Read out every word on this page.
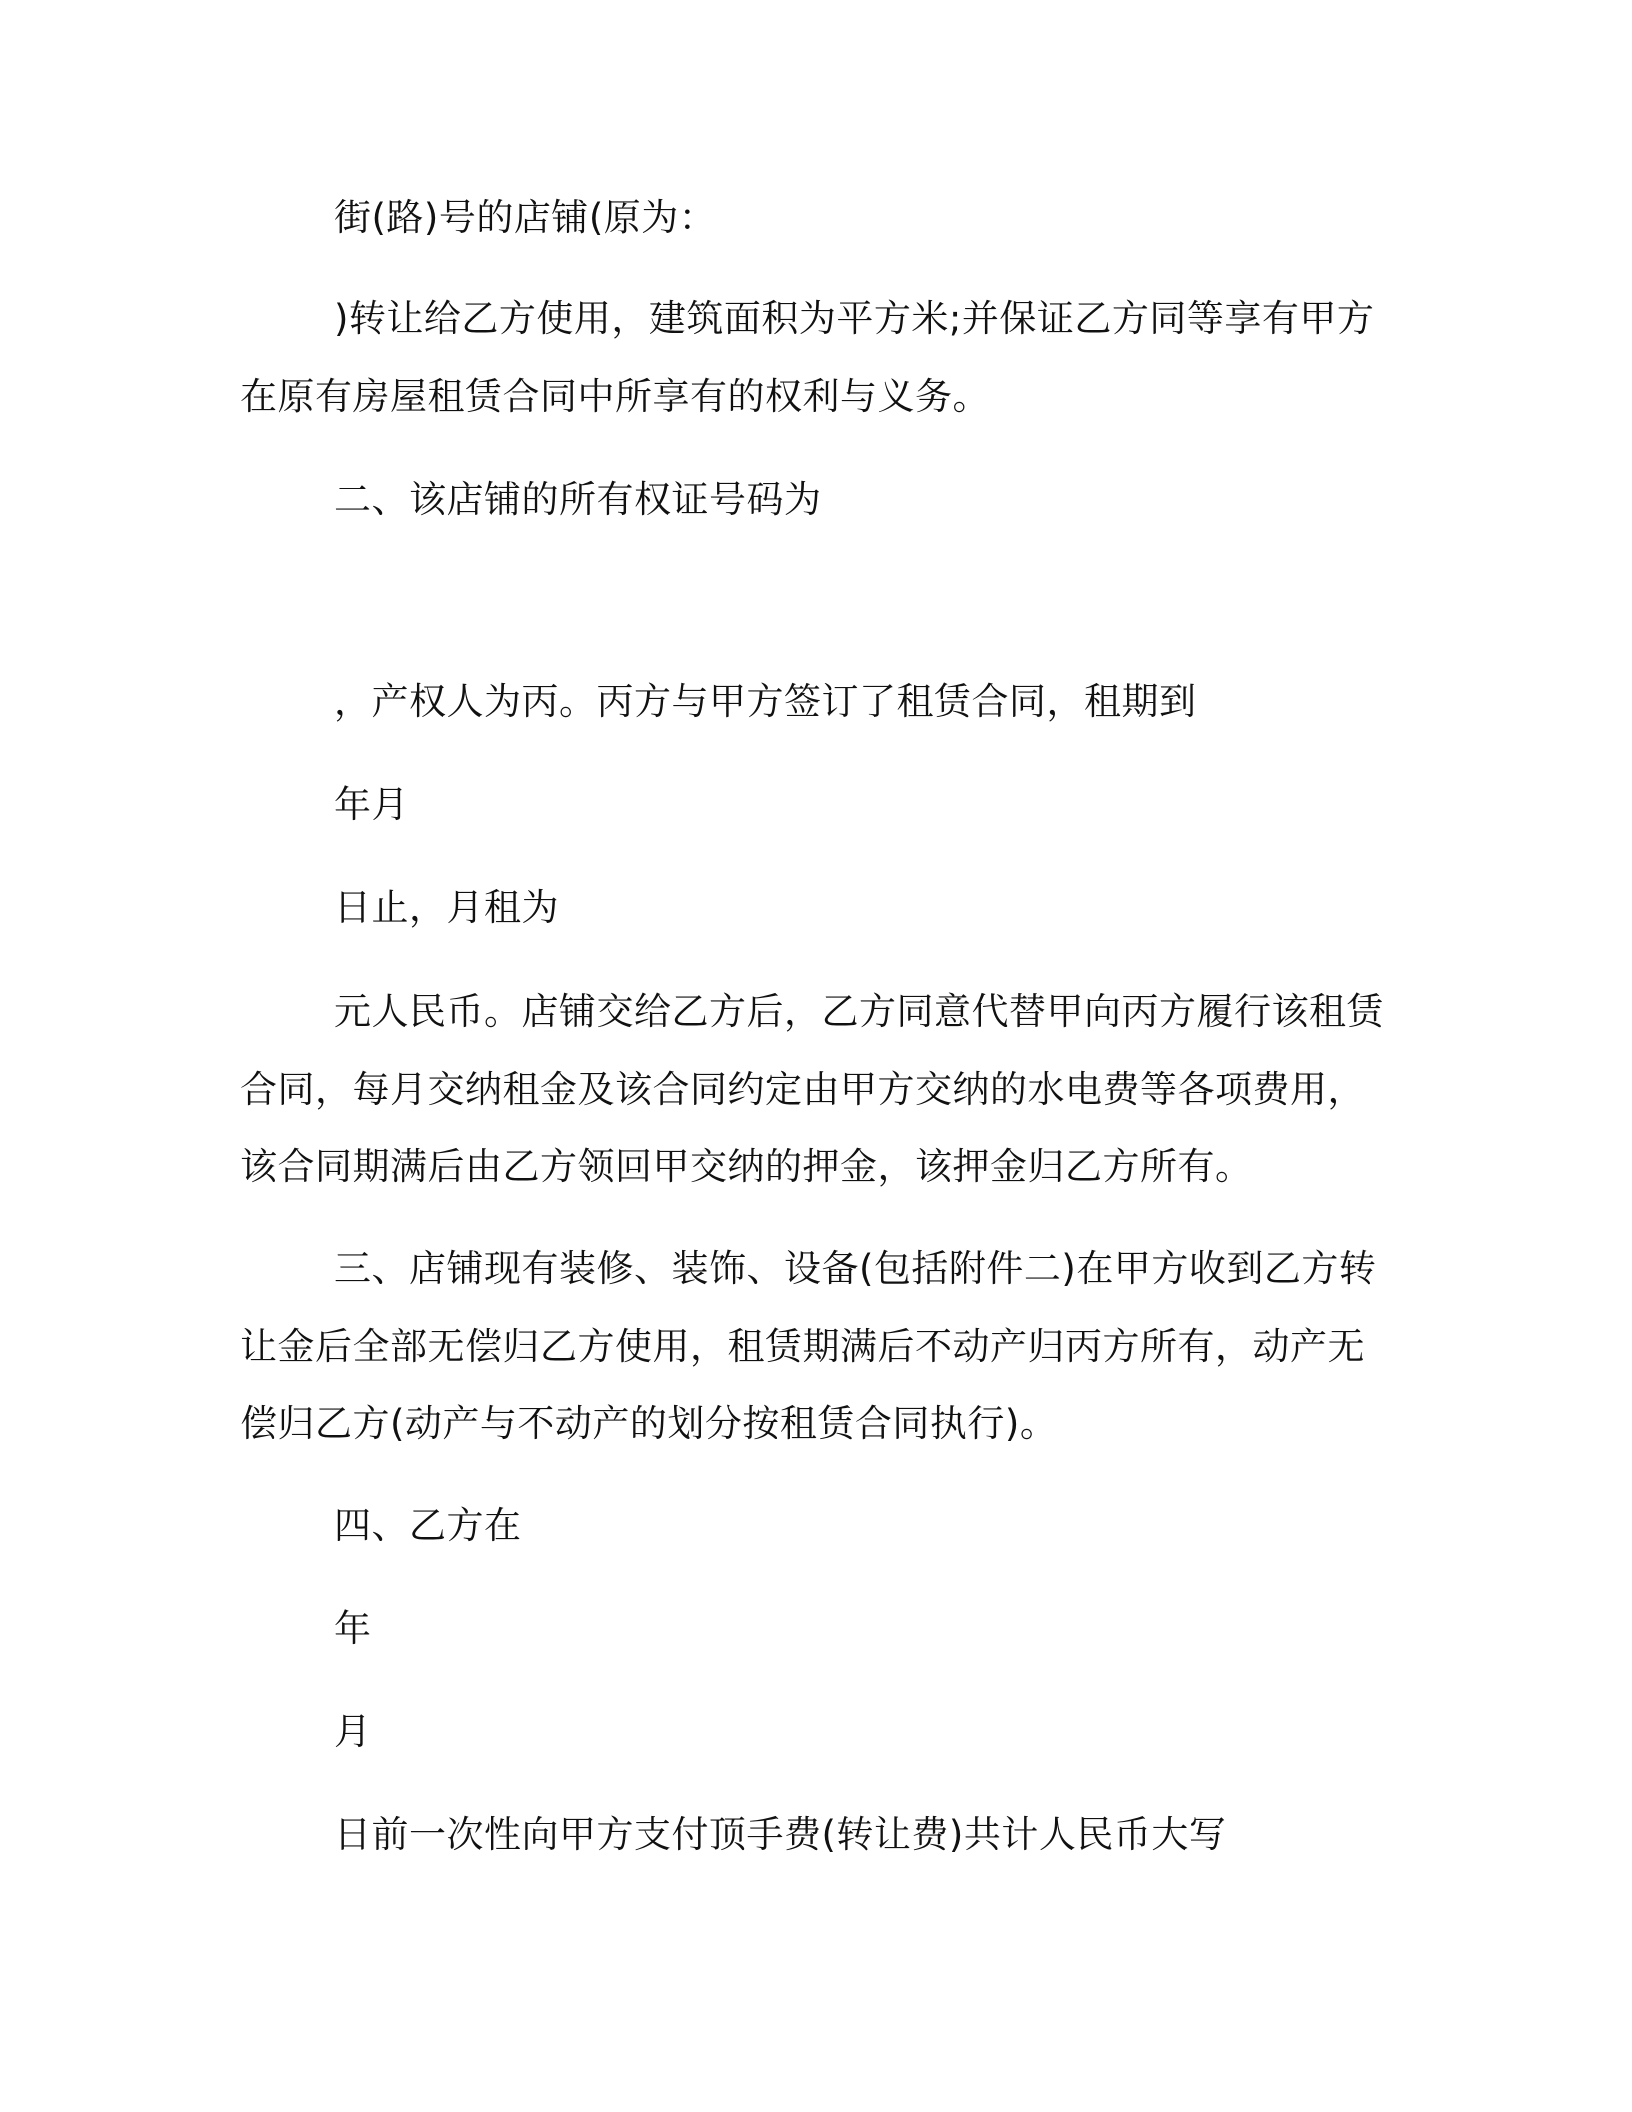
街(路)号的店铺(原为：
)转让给乙方使用，建筑面积为平方米;并保证乙方同等享有甲方
在原有房屋租赁合同中所享有的权利与义务。
二、该店铺的所有权证号码为
，产权人为丙。丙方与甲方签订了租赁合同，租期到
年月
日止，月租为
元人民币。店铺交给乙方后，乙方同意代替甲向丙方履行该租赁
合同，每月交纳租金及该合同约定由甲方交纳的水电费等各项费用，
该合同期满后由乙方领回甲交纳的押金，该押金归乙方所有。
三、店铺现有装修、装饰、设备(包括附件二)在甲方收到乙方转
让金后全部无偿归乙方使用，租赁期满后不动产归丙方所有，动产无
偿归乙方(动产与不动产的划分按租赁合同执行)。
四、乙方在
年
月
日前一次性向甲方支付顶手费(转让费)共计人民币大写
